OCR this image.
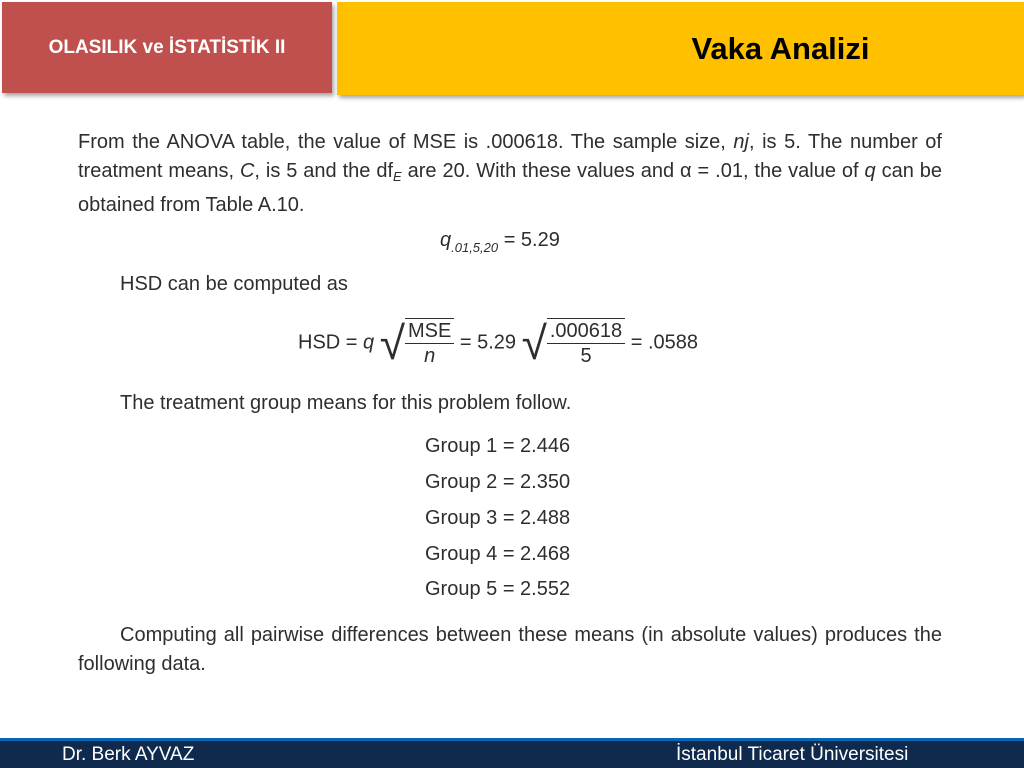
OLASILIK ve İSTATİSTİK II	Vaka Analizi
From the ANOVA table, the value of MSE is .000618. The sample size, nj, is 5. The number of treatment means, C, is 5 and the $df_E$ are 20. With these values and α = .01, the value of q can be obtained from Table A.10.
$q_{.01,5,20} = 5.29$
HSD can be computed as
HSD = q √ $\frac{\text{MSE}}{n} = 5.29$ √ $\frac{.000618}{5} = .0588$
The treatment group means for this problem follow.
Group 1 = 2.446
Group 2 = 2.350
Group 3 = 2.488
Group 4 = 2.468
Group 5 = 2.552
Computing all pairwise differences between these means (in absolute values) produces the following data.
Dr. Berk AYVAZ	İstanbul Ticaret Üniversitesi
